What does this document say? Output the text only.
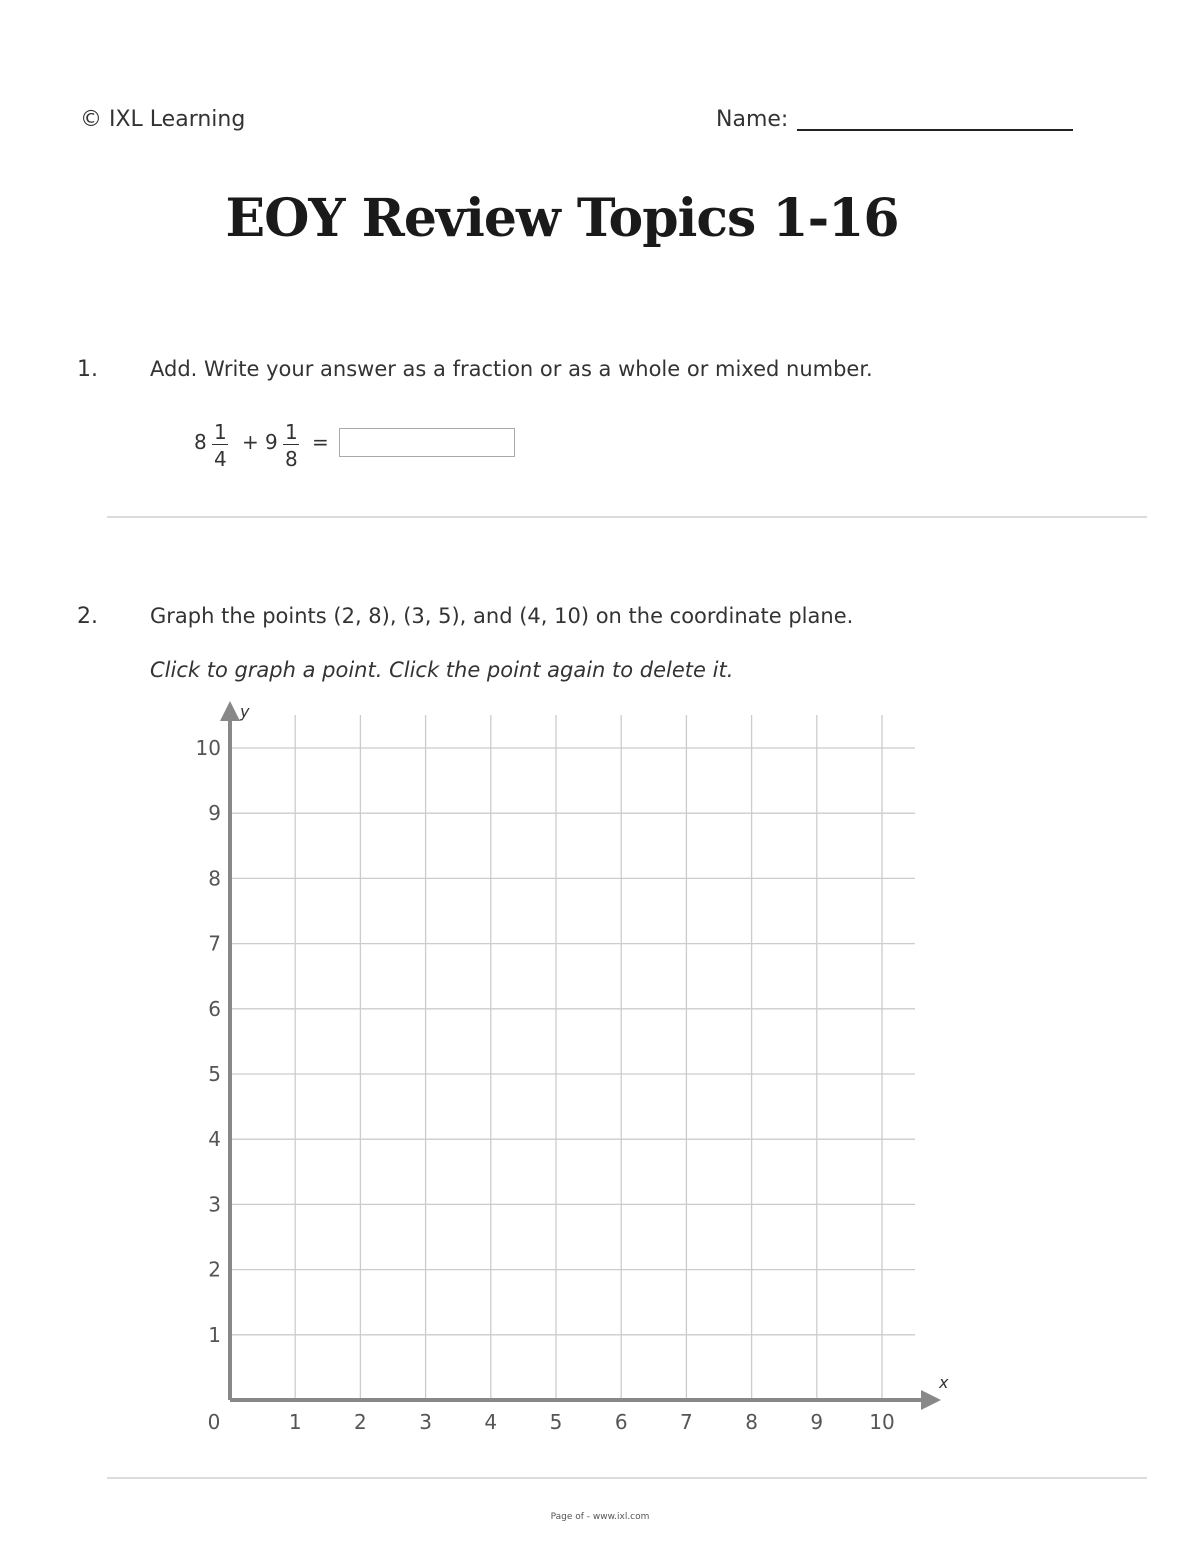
© IXL Learning	Name:
EOY Review Topics 1-16
1. Add. Write your answer as a fraction or as a whole or mixed number.
8 1
4
+ 9 1
8
=
2. Graph the points (2, 8), (3, 5), and (4, 10) on the coordinate plane.
Click to graph a point. Click the point again to delete it.
x
y
0	1	2	3	4	5	6	7	8	9 10
1
2
3
4
5
6
7
8
9
10
Page of - www.ixl.com
